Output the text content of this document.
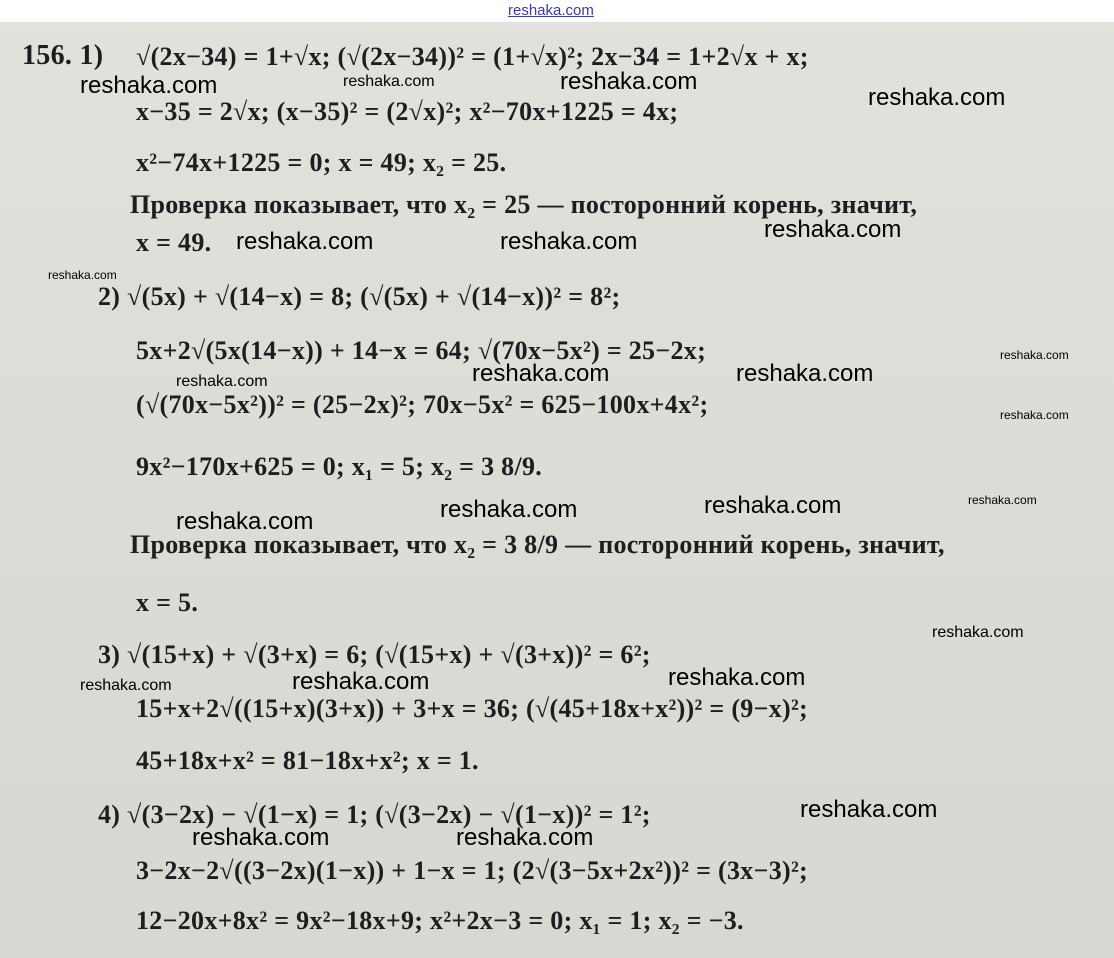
reshaka.com
156. 1) √(2x−34) = 1+√x; (√(2x−34))² = (1+√x)²; 2x−34 = 1+2√x + x;
x−35 = 2√x; (x−35)² = (2√x)²; x²−70x+1225 = 4x;
x²−74x+1225 = 0; x = 49; x₂ = 25.
Проверка показывает, что x₂ = 25 — посторонний корень, значит,
x = 49.
2) √(5x) + √(14−x) = 8; (√(5x) + √(14−x))² = 8²;
5x+2√(5x(14−x)) + 14−x = 64; √(70x−5x²) = 25−2x;
(√(70x−5x²))² = (25−2x)²; 70x−5x² = 625−100x+4x²;
9x²−170x+625 = 0; x₁ = 5; x₂ = 3 8/9.
Проверка показывает, что x₂ = 3 8/9 — посторонний корень, значит,
x = 5.
3) √(15+x) + √(3+x) = 6; (√(15+x) + √(3+x))² = 6²;
15+x+2√((15+x)(3+x)) + 3+x = 36; (√(45+18x+x²))² = (9−x)²;
45+18x+x² = 81−18x+x²; x = 1.
4) √(3−2x) − √(1−x) = 1; (√(3−2x) − √(1−x))² = 1²;
3−2x−2√((3−2x)(1−x)) + 1−x = 1; (2√(3−5x+2x²))² = (3x−3)²;
12−20x+8x² = 9x²−18x+9; x²+2x−3 = 0; x₁ = 1; x₂ = −3.
reshaka.com	reshaka.com	reshaka.com
reshaka.com
reshaka.com	reshaka.com	reshaka.com
reshaka.com
reshaka.com
reshaka.com	reshaka.com	reshaka.com
reshaka.com
reshaka.com
reshaka.com	reshaka.com	reshaka.com
reshaka.com
reshaka.com	reshaka.com	reshaka.com
reshaka.com
reshaka.com	reshaka.com
